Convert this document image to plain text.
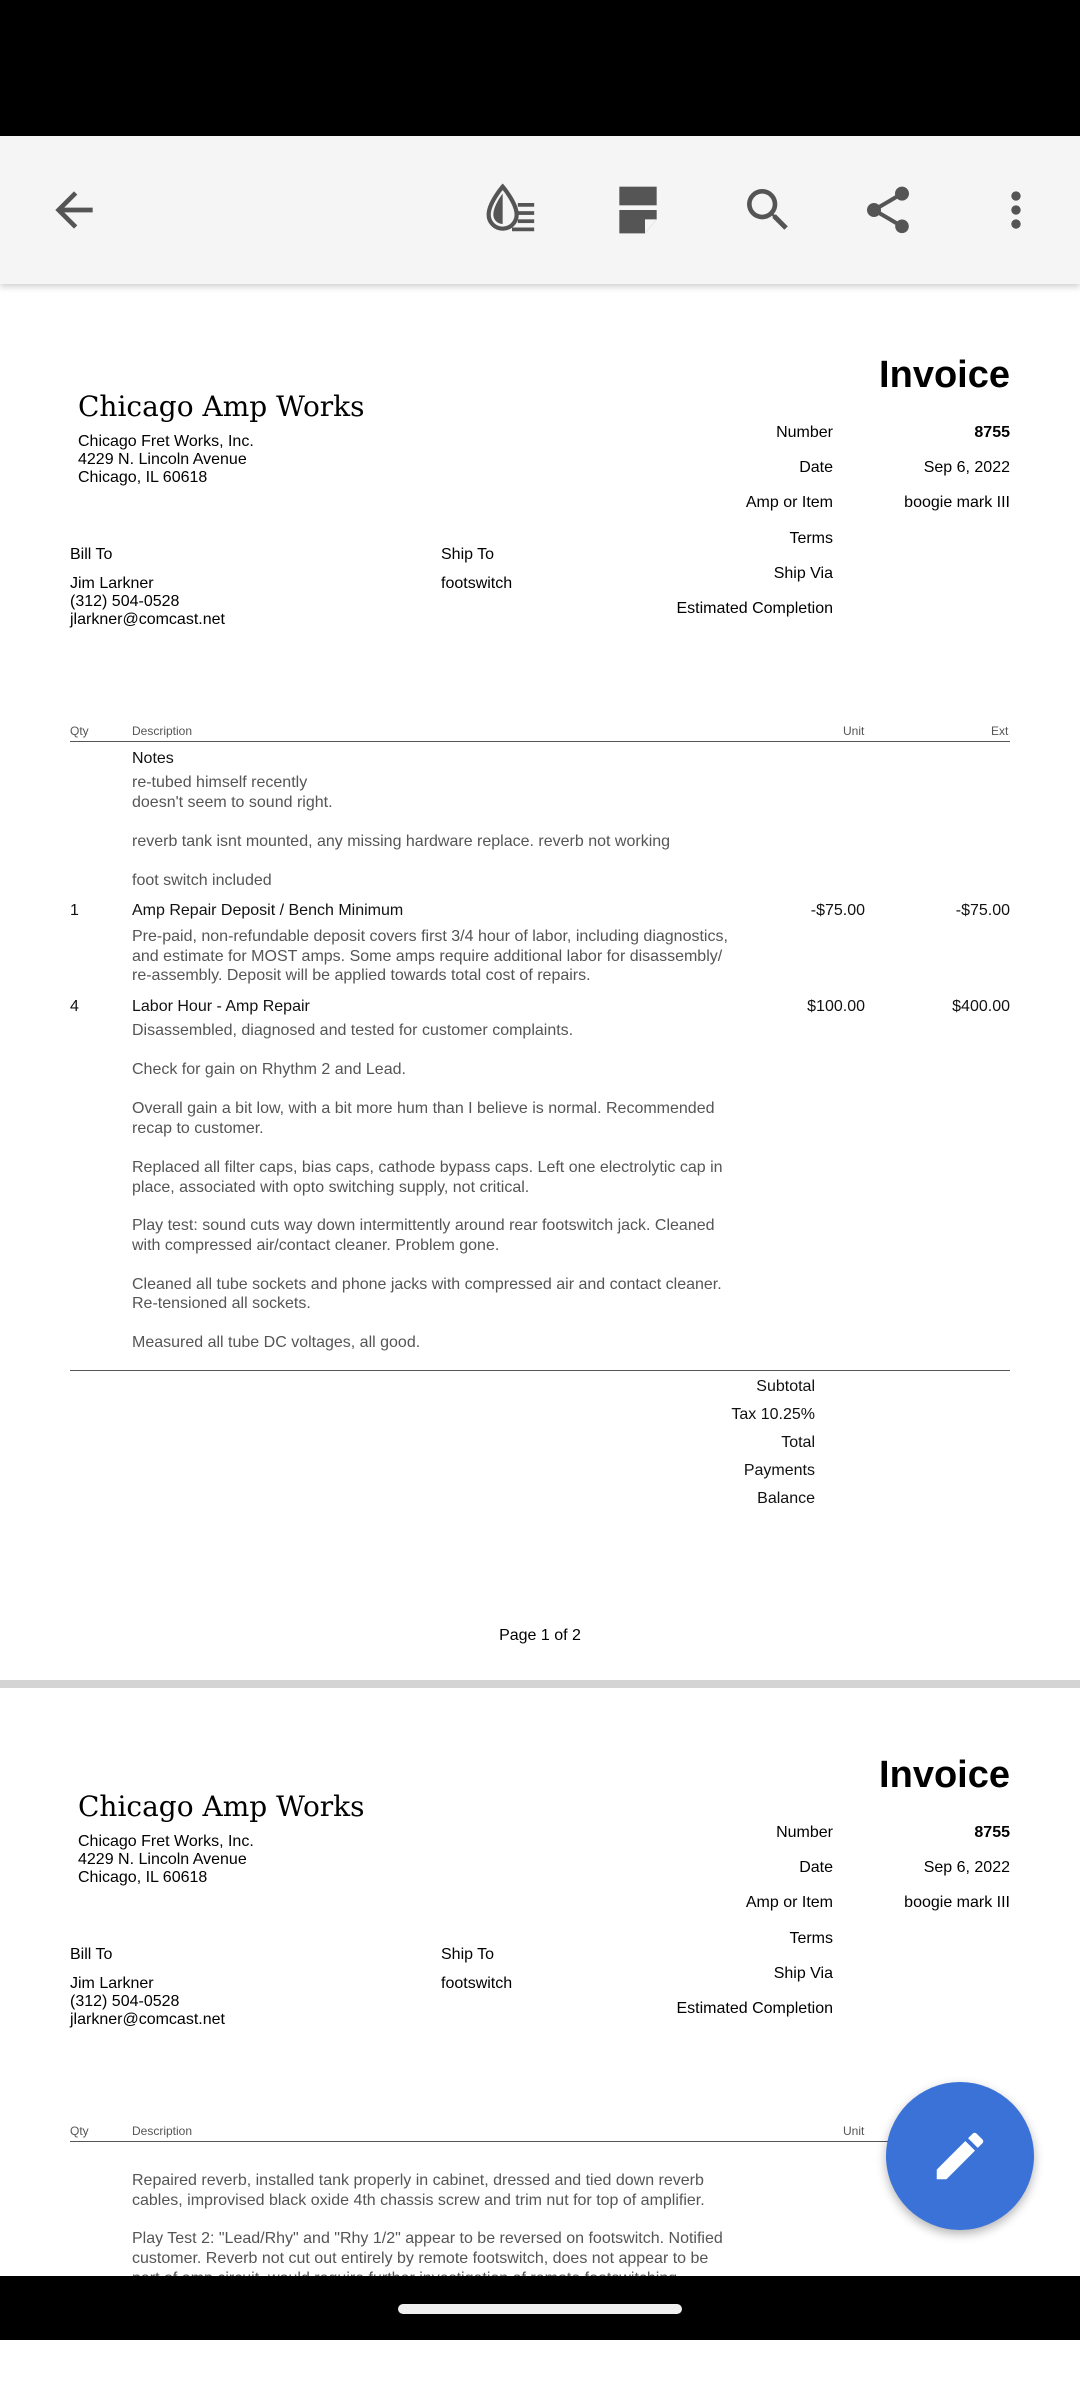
Invoice
Chicago Amp Works
Chicago Fret Works, Inc.
4229 N. Lincoln Avenue
Chicago, IL 60618
Number	8755
Date	Sep 6, 2022
Amp or Item	boogie mark III
Terms
Ship Via
Estimated Completion
Bill To
Jim Larkner
(312) 504-0528
jlarkner@comcast.net
Ship To
footswitch
Qty	Description	Unit	Ext
Notes
re-tubed himself recently
doesn't seem to sound right.
reverb tank isnt mounted, any missing hardware replace. reverb not working
foot switch included
1	Amp Repair Deposit / Bench Minimum	-$75.00	-$75.00
Pre-paid, non-refundable deposit covers first 3/4 hour of labor, including diagnostics,
and estimate for MOST amps. Some amps require additional labor for disassembly/
re-assembly. Deposit will be applied towards total cost of repairs.
4	Labor Hour - Amp Repair	$100.00	$400.00
Disassembled, diagnosed and tested for customer complaints.
Check for gain on Rhythm 2 and Lead.
Overall gain a bit low, with a bit more hum than I believe is normal. Recommended
recap to customer.
Replaced all filter caps, bias caps, cathode bypass caps. Left one electrolytic cap in
place, associated with opto switching supply, not critical.
Play test: sound cuts way down intermittently around rear footswitch jack. Cleaned
with compressed air/contact cleaner. Problem gone.
Cleaned all tube sockets and phone jacks with compressed air and contact cleaner.
Re-tensioned all sockets.
Measured all tube DC voltages, all good.
Subtotal
Tax 10.25%
Total
Payments
Balance
Page 1 of 2
Invoice
Chicago Amp Works
Chicago Fret Works, Inc.
4229 N. Lincoln Avenue
Chicago, IL 60618
Number	8755
Date	Sep 6, 2022
Amp or Item	boogie mark III
Terms
Ship Via
Estimated Completion
Bill To
Jim Larkner
(312) 504-0528
jlarkner@comcast.net
Ship To
footswitch
Qty	Description	Unit
Repaired reverb, installed tank properly in cabinet, dressed and tied down reverb
cables, improvised black oxide 4th chassis screw and trim nut for top of amplifier.
Play Test 2: "Lead/Rhy" and "Rhy 1/2" appear to be reversed on footswitch. Notified
customer. Reverb not cut out entirely by remote footswitch, does not appear to be
